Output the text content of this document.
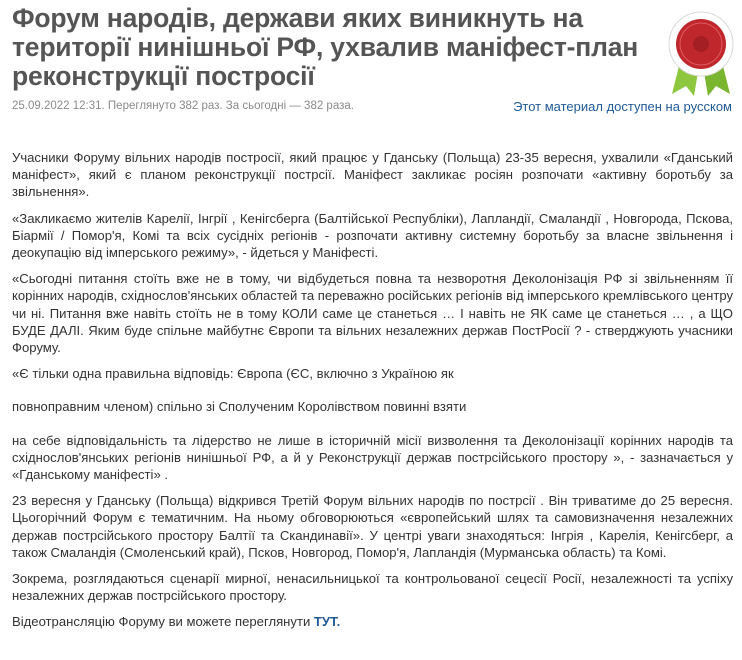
Форум народів, держави яких виникнуть на території нинішньої РФ, ухвалив маніфест-план реконструкції постросії
25.09.2022 12:31. Переглянуто 382 раз. За сьогодні — 382 раза.	Этот материал доступен на русском

Учасники Форуму вільних народів постросії, який працює у Гданську (Польща) 23-35 вересня, ухвалили «Гданський маніфест», який є планом реконструкції пострсії. Маніфест закликає росіян розпочати «активну боротьбу за звільнення».

«Закликаємо жителів Карелії, Інгрії , Кенігсберга (Балтійської Республіки), Лапландії, Смаландії , Новгорода, Пскова, Біармії / Помор'я, Комі та всіх сусідніх регіонів - розпочати активну системну боротьбу за власне звільнення і деокупацію від імперського режиму», - йдеться у Маніфесті.

«Сьогодні питання стоїть вже не в тому, чи відбудеться повна та незворотня Деколонізація РФ зі звільненням її корінних народів, східнослов'янських областей та переважно російських регіонів від імперського кремлівського центру чи ні. Питання вже навіть стоїть не в тому КОЛИ саме це станеться … І навіть не ЯК саме це станеться … , а ЩО БУДЕ ДАЛІ. Яким буде спільне майбутнє Європи та вільних незалежних держав ПостРосії ? - стверджують учасники Форуму.

«Є тільки одна правильна відповідь: Європа (ЄС, включно з Україною як

повноправним членом) спільно зі Сполученим Королівством повинні взяти

на себе відповідальність та лідерство не лише в історичній місії визволення та Деколонізації корінних народів та східнослов'янських регіонів нинішньої РФ, а й у Реконструкції держав пострсійського простору », - зазначається у «Гданському маніфесті» .

23 вересня у Гданську (Польща) відкрився Третій Форум вільних народів по пострсії . Він триватиме до 25 вересня. Цьогорічний Форум є тематичним. На ньому обговорюються «європейський шлях та самовизначення незалежних держав пострсійського простору Балтії та Скандинавії». У центрі уваги знаходяться: Інгрія , Карелія, Кенігсберг, а також Смаландія (Смоленський край), Псков, Новгород, Помор'я, Лапландія (Мурманська область) та Комі.

Зокрема, розглядаються сценарії мирної, ненасильницької та контрольованої сецесії Росії, незалежності та успіху незалежних держав пострсійського простору.

Відеотрансляцію Форуму ви можете переглянути ТУТ.
